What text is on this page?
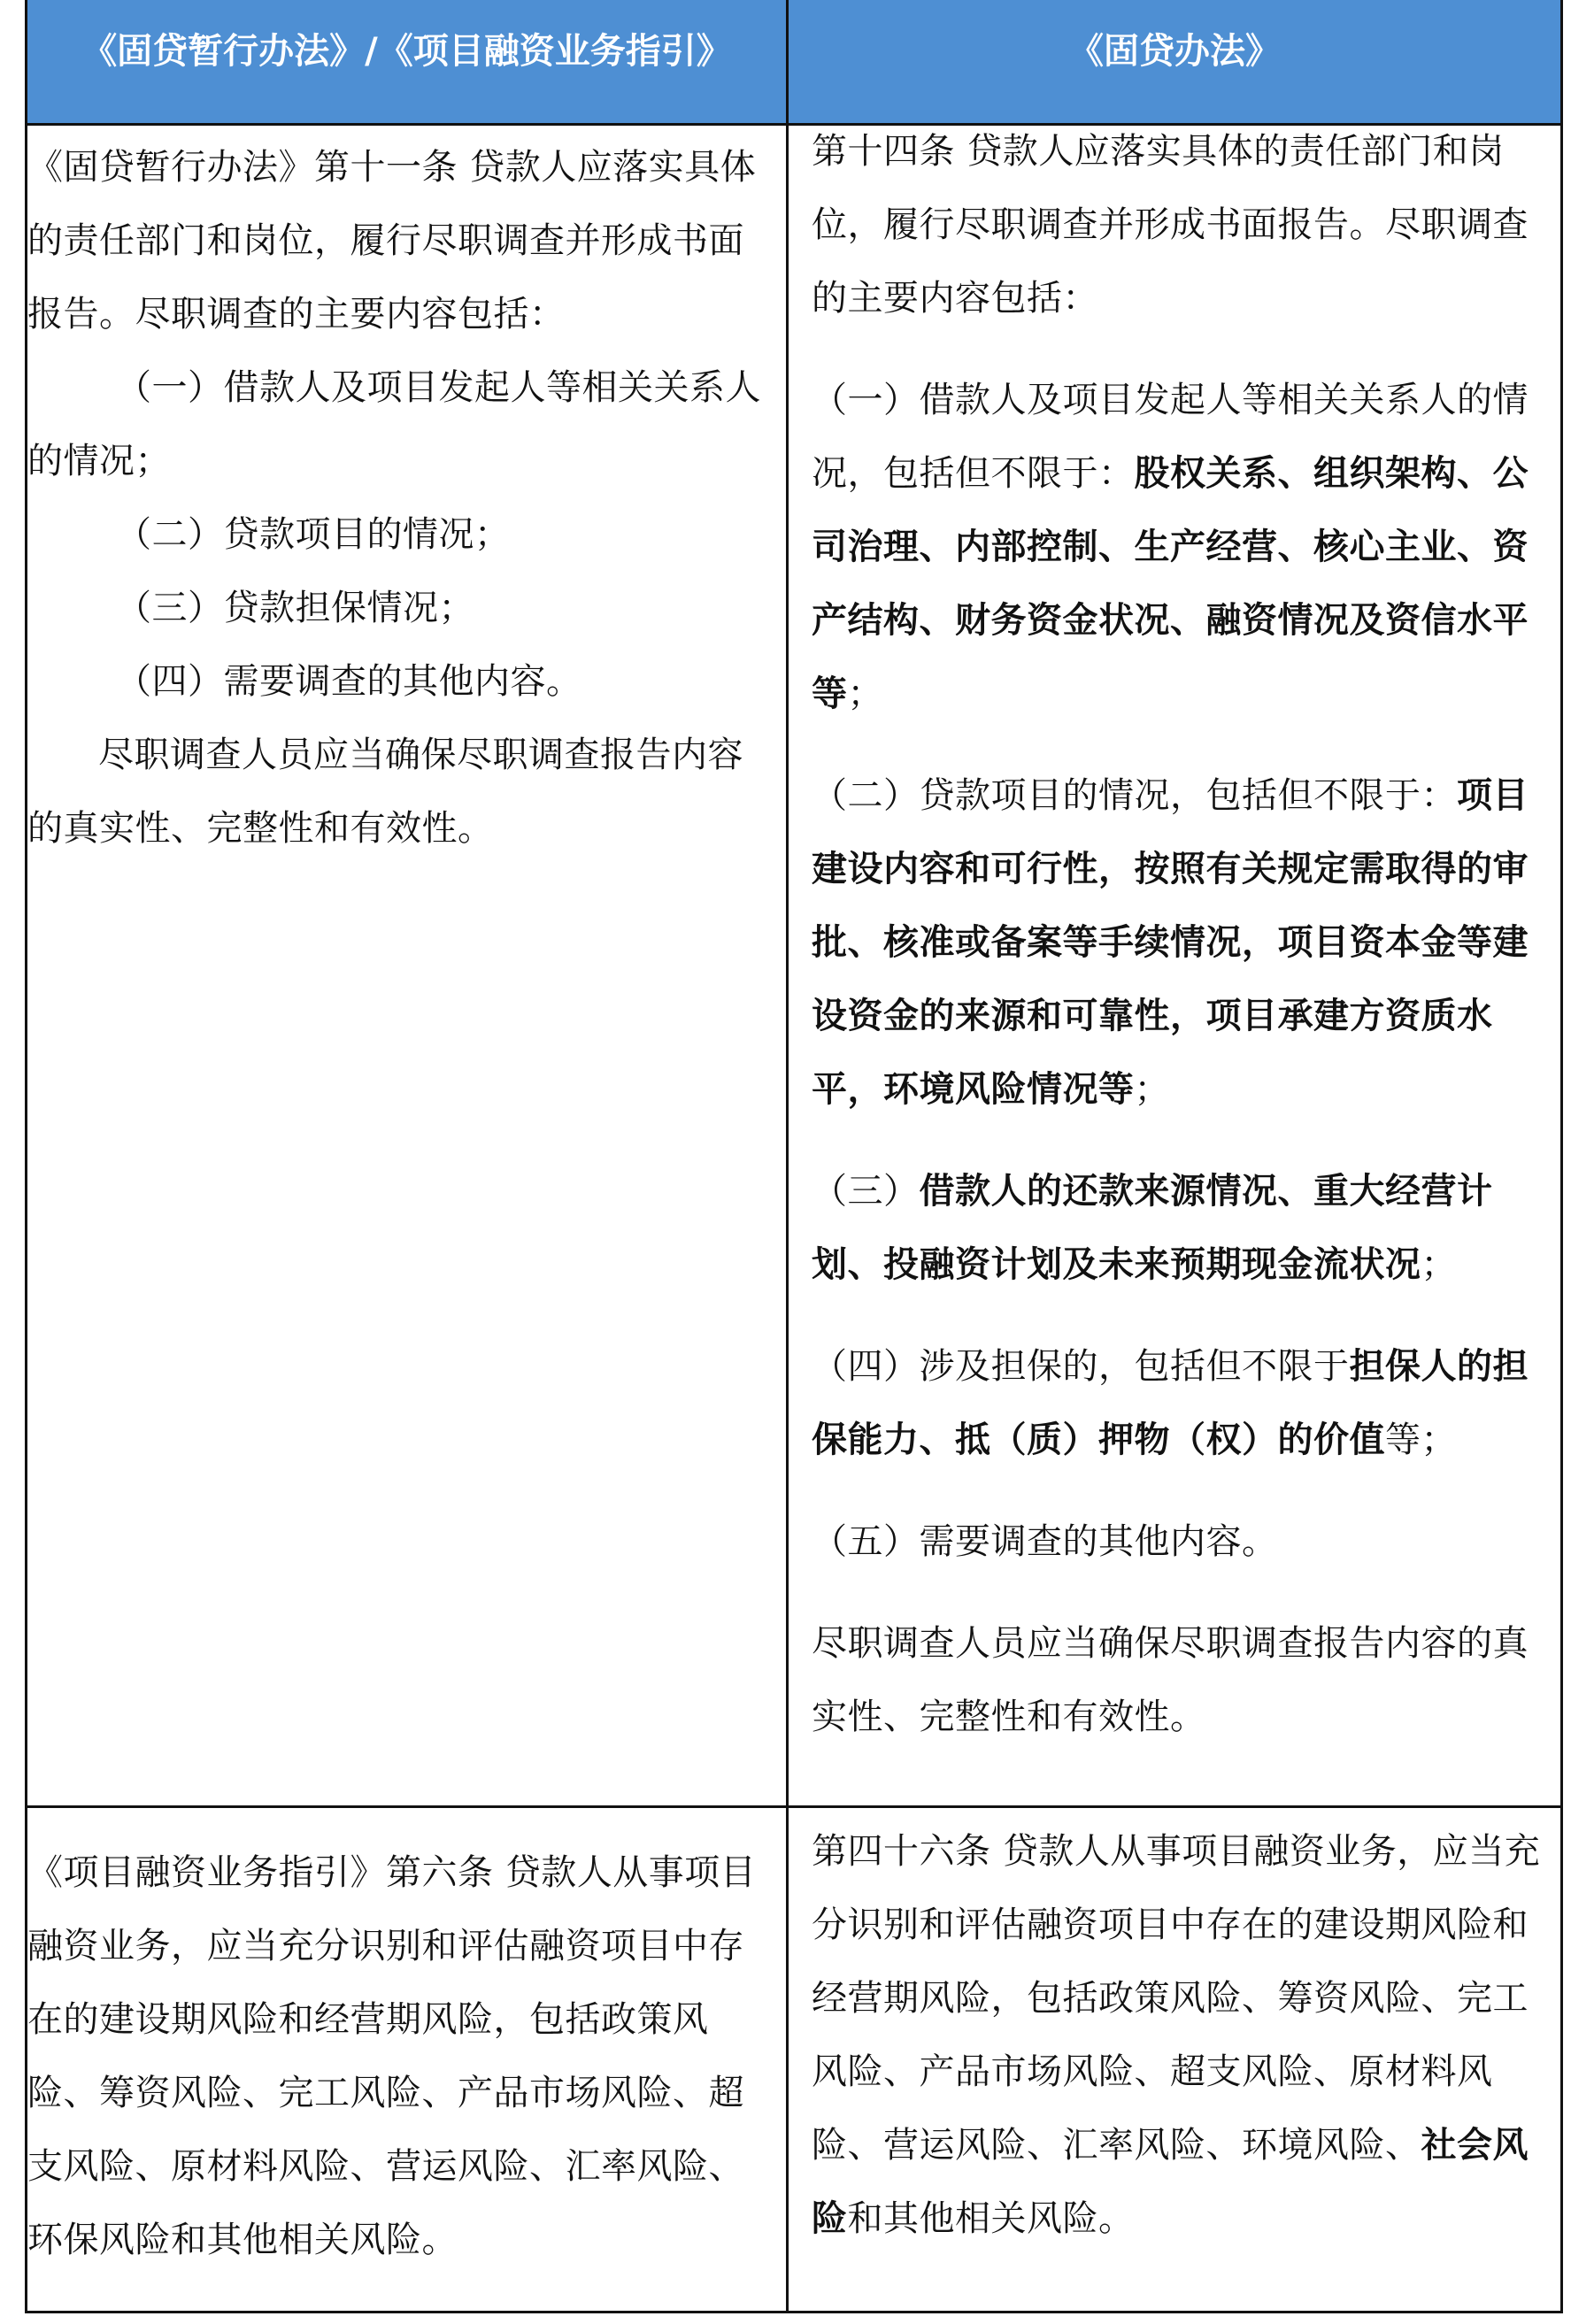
《固贷暂行办法》/《项目融资业务指引》	《固贷办法》

《固贷暂行办法》第十一条 贷款人应落实具体的责任部门和岗位，履行尽职调查并形成书面报告。尽职调查的主要内容包括：

（一）借款人及项目发起人等相关关系人的情况；

（二）贷款项目的情况；

（三）贷款担保情况；

（四）需要调查的其他内容。

尽职调查人员应当确保尽职调查报告内容的真实性、完整性和有效性。

第十四条 贷款人应落实具体的责任部门和岗位，履行尽职调查并形成书面报告。尽职调查的主要内容包括：

（一）借款人及项目发起人等相关关系人的情况，包括但不限于：股权关系、组织架构、公司治理、内部控制、生产经营、核心主业、资产结构、财务资金状况、融资情况及资信水平等；

（二）贷款项目的情况，包括但不限于：项目建设内容和可行性，按照有关规定需取得的审批、核准或备案等手续情况，项目资本金等建设资金的来源和可靠性，项目承建方资质水平，环境风险情况等；

（三）借款人的还款来源情况、重大经营计划、投融资计划及未来预期现金流状况；

（四）涉及担保的，包括但不限于担保人的担保能力、抵（质）押物（权）的价值等；

（五）需要调查的其他内容。

尽职调查人员应当确保尽职调查报告内容的真实性、完整性和有效性。

《项目融资业务指引》第六条 贷款人从事项目融资业务，应当充分识别和评估融资项目中存在的建设期风险和经营期风险，包括政策风险、筹资风险、完工风险、产品市场风险、超支风险、原材料风险、营运风险、汇率风险、环保风险和其他相关风险。

第四十六条 贷款人从事项目融资业务，应当充分识别和评估融资项目中存在的建设期风险和经营期风险，包括政策风险、筹资风险、完工风险、产品市场风险、超支风险、原材料风险、营运风险、汇率风险、环境风险、社会风险和其他相关风险。
